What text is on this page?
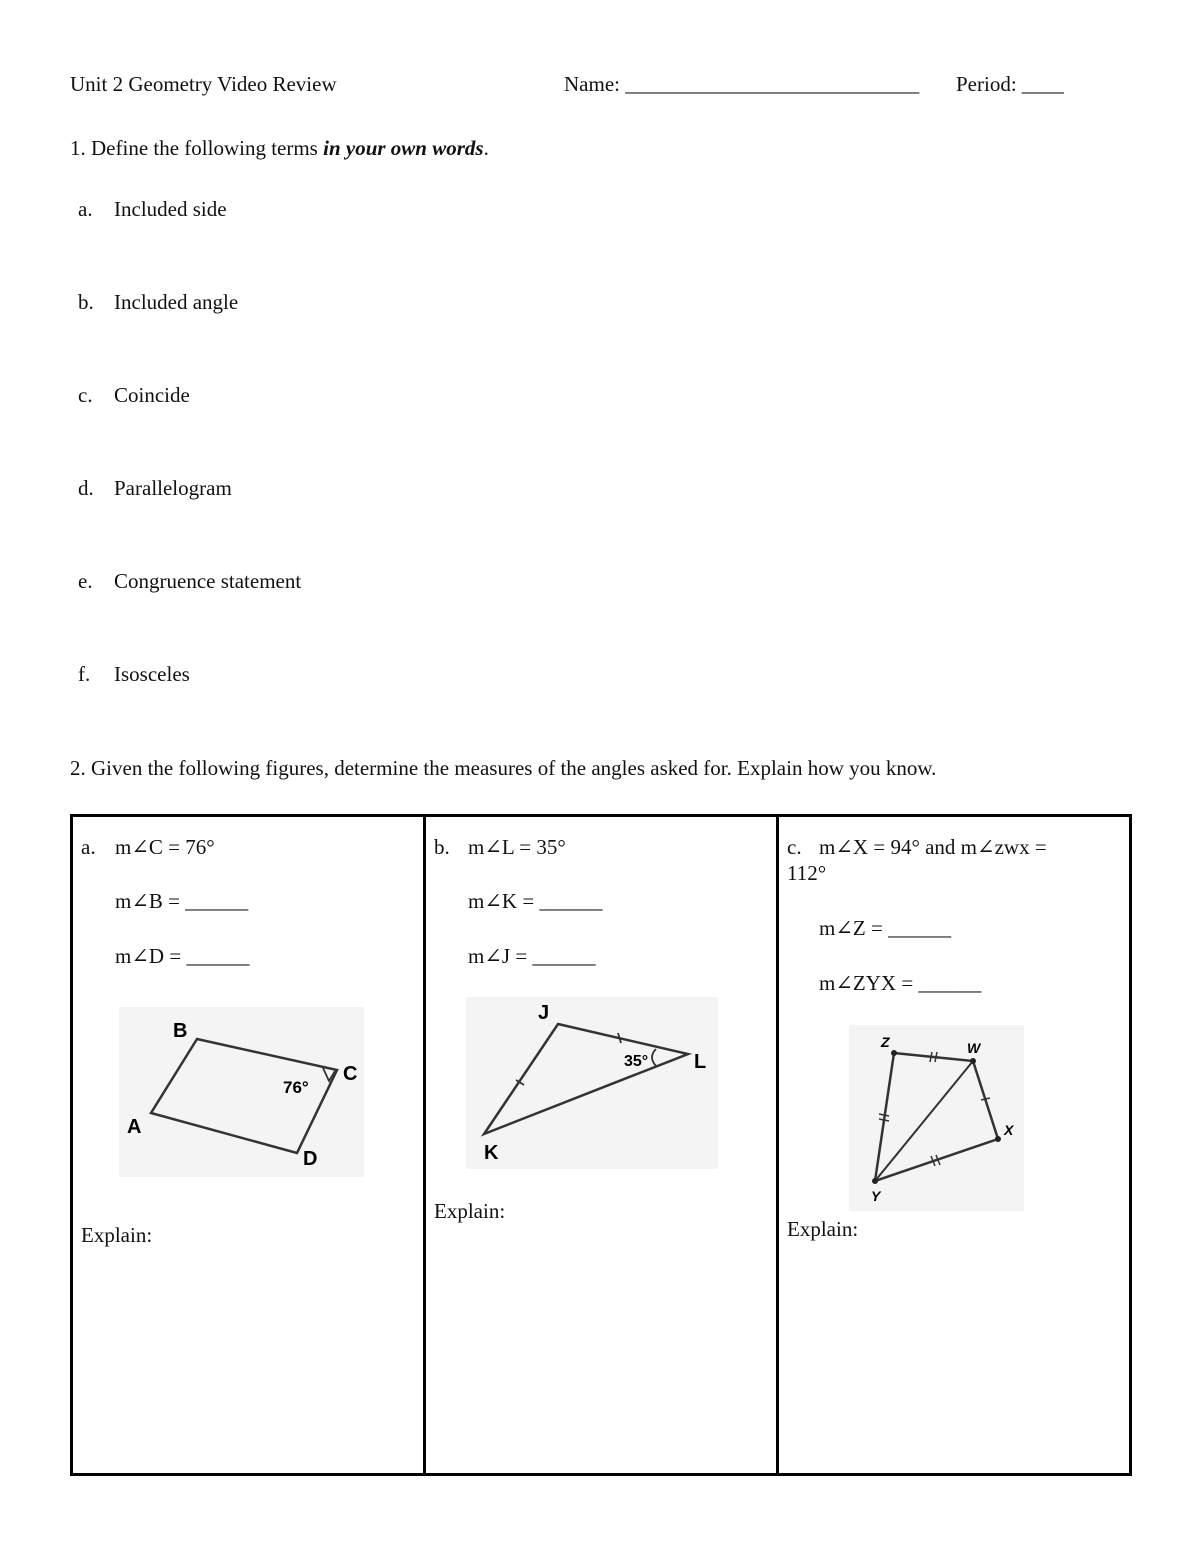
Unit 2 Geometry Video Review	Name: ____________________________ Period: ____
1. Define the following terms in your own words.
a. Included side
b. Included angle
c. Coincide
d. Parallelogram
e. Congruence statement
f. Isosceles
2. Given the following figures, determine the measures of the angles asked for. Explain how you know.
a. m∠C = 76°
m∠B = ______
m∠D = ______
B
C
A
D
76°
Explain:

b. m∠L = 35°
m∠K = ______
m∠J = ______
J
L
K
35°
Explain:

c. m∠X = 94° and m∠zwx =
112°
m∠Z = ______
m∠ZYX = ______
Z	W
X
Y
Explain:
